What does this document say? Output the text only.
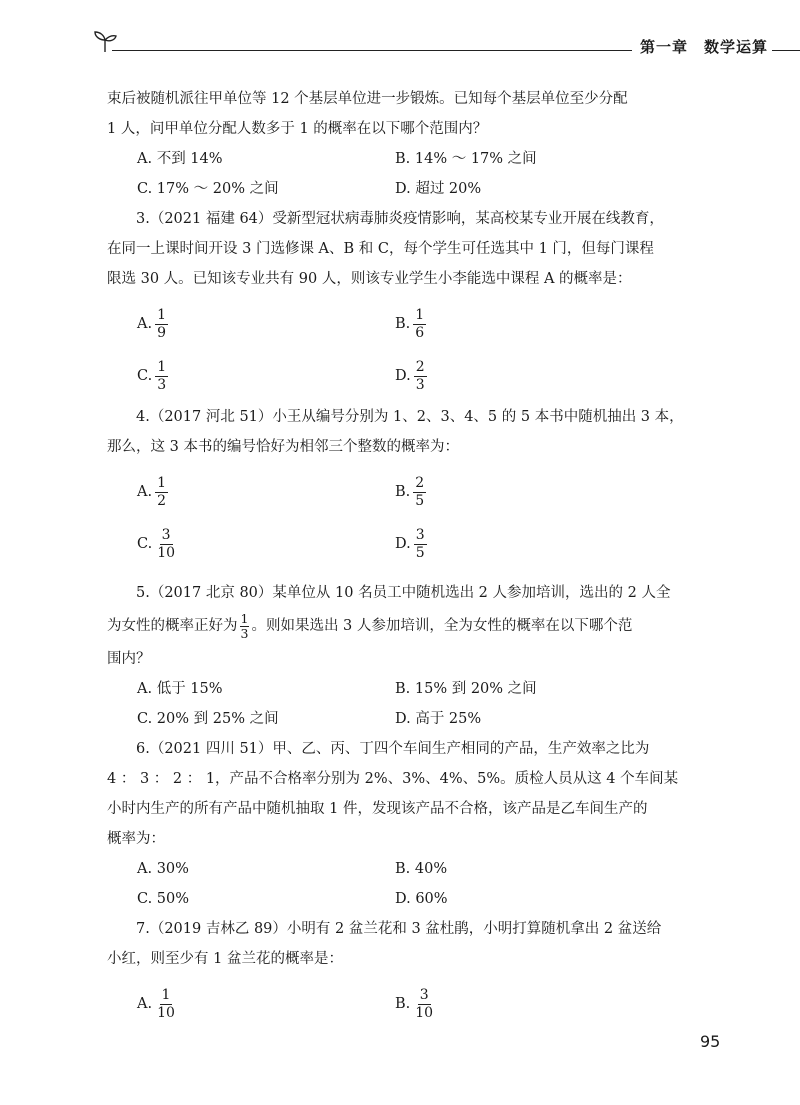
第一章　数学运算

束后被随机派往甲单位等 12 个基层单位进一步锻炼。已知每个基层单位至少分配

1 人，问甲单位分配人数多于 1 的概率在以下哪个范围内？

A. 不到 14%	B. 14% ～ 17% 之间
C. 17% ～ 20% 之间	D. 超过 20%

3.（2021 福建 64）受新型冠状病毒肺炎疫情影响，某高校某专业开展在线教育，

在同一上课时间开设 3 门选修课 A、B 和 C，每个学生可任选其中 1 门，但每门课程

限选 30 人。已知该专业共有 90 人，则该专业学生小李能选中课程 A 的概率是：

A. $\frac{1}{9}$	B. $\frac{1}{6}$
C. $\frac{1}{3}$	D. $\frac{2}{3}$

4.（2017 河北 51）小王从编号分别为 1、2、3、4、5 的 5 本书中随机抽出 3 本，

那么，这 3 本书的编号恰好为相邻三个整数的概率为：

A. $\frac{1}{2}$	B. $\frac{2}{5}$
C. $\frac{3}{10}$	D. $\frac{3}{5}$

5.（2017 北京 80）某单位从 10 名员工中随机选出 2 人参加培训，选出的 2 人全

为女性的概率正好为 $\frac{1}{3}$ 。则如果选出 3 人参加培训，全为女性的概率在以下哪个范

围内？

A. 低于 15%	B. 15% 到 20% 之间
C. 20% 到 25% 之间	D. 高于 25%

6.（2021 四川 51）甲、乙、丙、丁四个车间生产相同的产品，生产效率之比为

4 ： 3 ： 2 ： 1，产品不合格率分别为 2%、3%、4%、5%。质检人员从这 4 个车间某

小时内生产的所有产品中随机抽取 1 件，发现该产品不合格，该产品是乙车间生产的

概率为：

A. 30%	B. 40%
C. 50%	D. 60%

7.（2019 吉林乙 89）小明有 2 盆兰花和 3 盆杜鹃，小明打算随机拿出 2 盆送给

小红，则至少有 1 盆兰花的概率是：

A. $\frac{1}{10}$	B. $\frac{3}{10}$
95
